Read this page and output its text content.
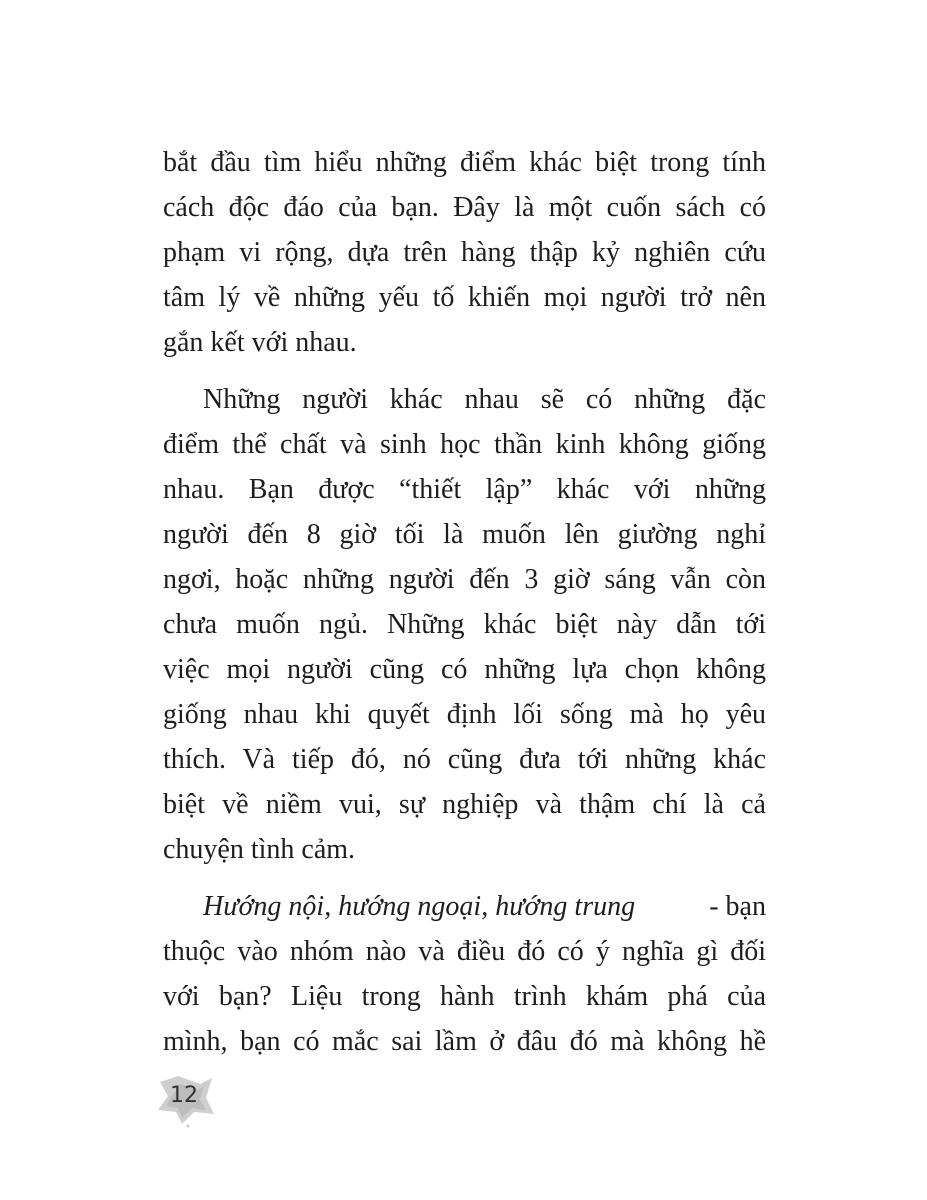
bắt đầu tìm hiểu những điểm khác biệt trong tính
cách độc đáo của bạn. Đây là một cuốn sách có
phạm vi rộng, dựa trên hàng thập kỷ nghiên cứu
tâm lý về những yếu tố khiến mọi người trở nên
gắn kết với nhau.
Những người khác nhau sẽ có những đặc
điểm thể chất và sinh học thần kinh không giống
nhau. Bạn được “thiết lập” khác với những
người đến 8 giờ tối là muốn lên giường nghỉ
ngơi, hoặc những người đến 3 giờ sáng vẫn còn
chưa muốn ngủ. Những khác biệt này dẫn tới
việc mọi người cũng có những lựa chọn không
giống nhau khi quyết định lối sống mà họ yêu
thích. Và tiếp đó, nó cũng đưa tới những khác
biệt về niềm vui, sự nghiệp và thậm chí là cả
chuyện tình cảm.
Hướng nội, hướng ngoại, hướng trung	- bạn
thuộc vào nhóm nào và điều đó có ý nghĩa gì đối
với bạn? Liệu trong hành trình khám phá của
mình, bạn có mắc sai lầm ở đâu đó mà không hề
12
